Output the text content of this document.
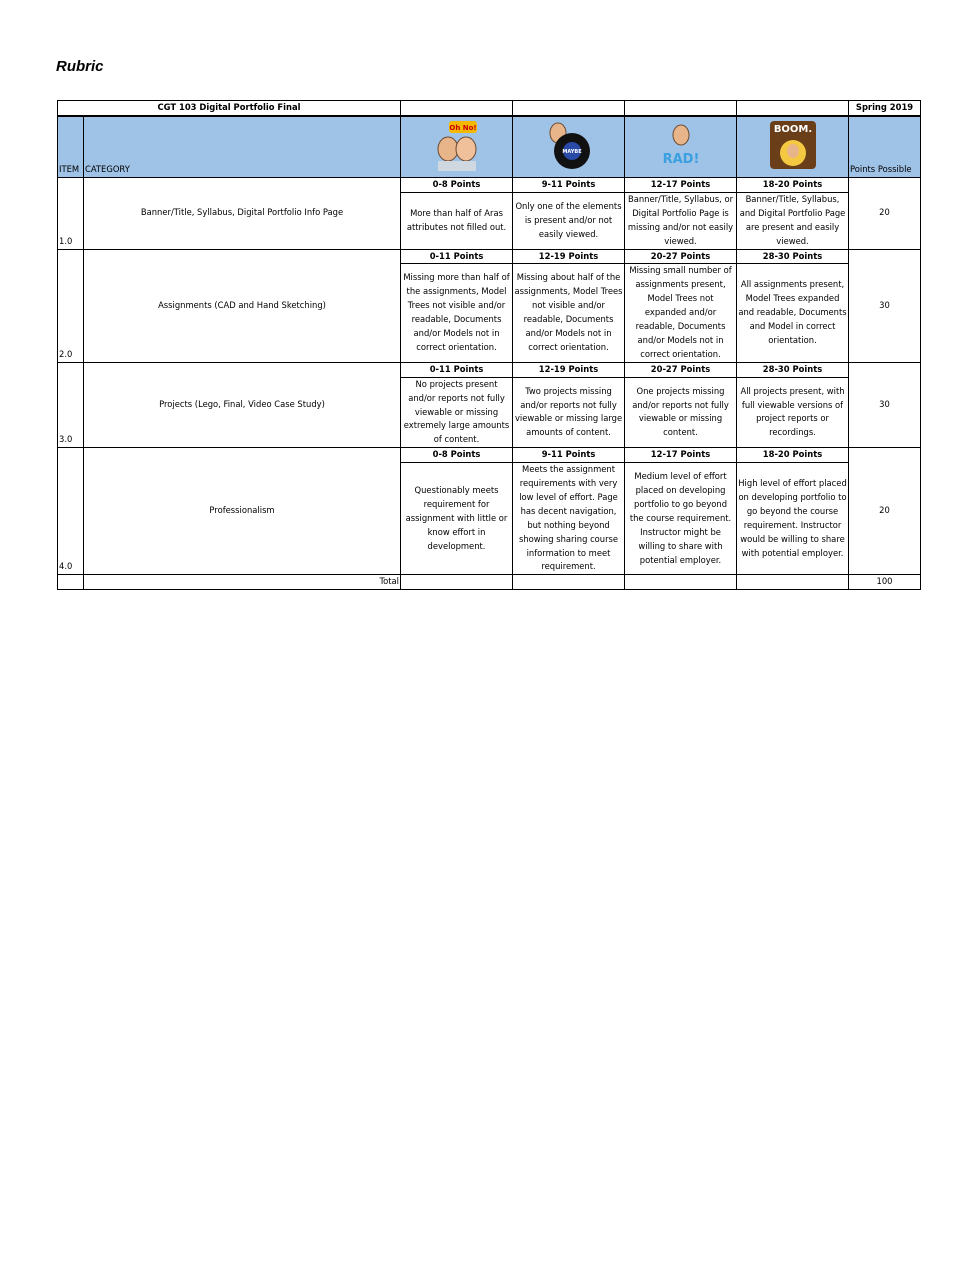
Rubric
CGT 103 Digital Portfolio Final						Spring 2019
ITEM	CATEGORY	Oh No!	MAYBE	RAD!	BOOM.	Points Possible
1.0	Banner/Title, Syllabus, Digital Portfolio Info Page	0-8 Points	9-11 Points	12-17 Points	18-20 Points	20
		More than half of Aras attributes not filled out.	Only one of the elements is present and/or not easily viewed.	Banner/Title, Syllabus, or Digital Portfolio Page is missing and/or not easily viewed.	Banner/Title, Syllabus, and Digital Portfolio Page are present and easily viewed.	
2.0	Assignments (CAD and Hand Sketching)	0-11 Points	12-19 Points	20-27 Points	28-30 Points	30
		Missing more than half of the assignments, Model Trees not visible and/or readable, Documents and/or Models not in correct orientation.	Missing about half of the assignments, Model Trees not visible and/or readable, Documents and/or Models not in correct orientation.	Missing small number of assignments present, Model Trees not expanded and/or readable, Documents and/or Models not in correct orientation.	All assignments present, Model Trees expanded and readable, Documents and Model in correct orientation.	
3.0	Projects (Lego, Final, Video Case Study)	0-11 Points	12-19 Points	20-27 Points	28-30 Points	30
		No projects present and/or reports not fully viewable or missing extremely large amounts of content.	Two projects missing and/or reports not fully viewable or missing large amounts of content.	One projects missing and/or reports not fully viewable or missing content.	All projects present, with full viewable versions of project reports or recordings.	
4.0	Professionalism	0-8 Points	9-11 Points	12-17 Points	18-20 Points	20
		Questionably meets requirement for assignment with little or know effort in development.	Meets the assignment requirements with very low level of effort. Page has decent navigation, but nothing beyond showing sharing course information to meet requirement.	Medium level of effort placed on developing portfolio to go beyond the course requirement. Instructor might be willing to share with potential employer.	High level of effort placed on developing portfolio to go beyond the course requirement. Instructor would be willing to share with potential employer.	
	Total					100
